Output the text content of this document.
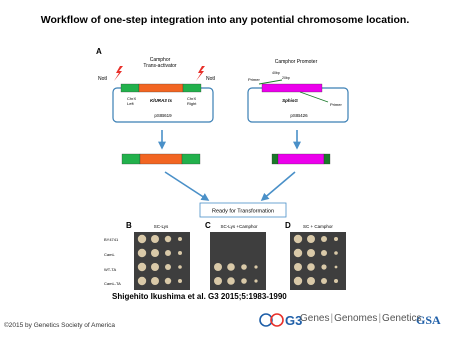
Workflow of one-step integration into any potential chromosome location.
A
Camphor
Trans-activator
NotI	NotI
ChrX
Left
KlURA3 ts	ChrX
Right
pSIB619
Camphor Promoter
40bp
20bp
Primer
Primer
SphisG
pSIB426
Ready for Transformation
B	C	D
SC-Lys	SC-Lys +Camphor	SC + Camphor
BY4741
CamL
WT-TA
CamL-TA
G3	GSA
Genes|Genomes|Genetics
Shigehito Ikushima et al. G3 2015;5:1983-1990
©2015 by Genetics Society of America
